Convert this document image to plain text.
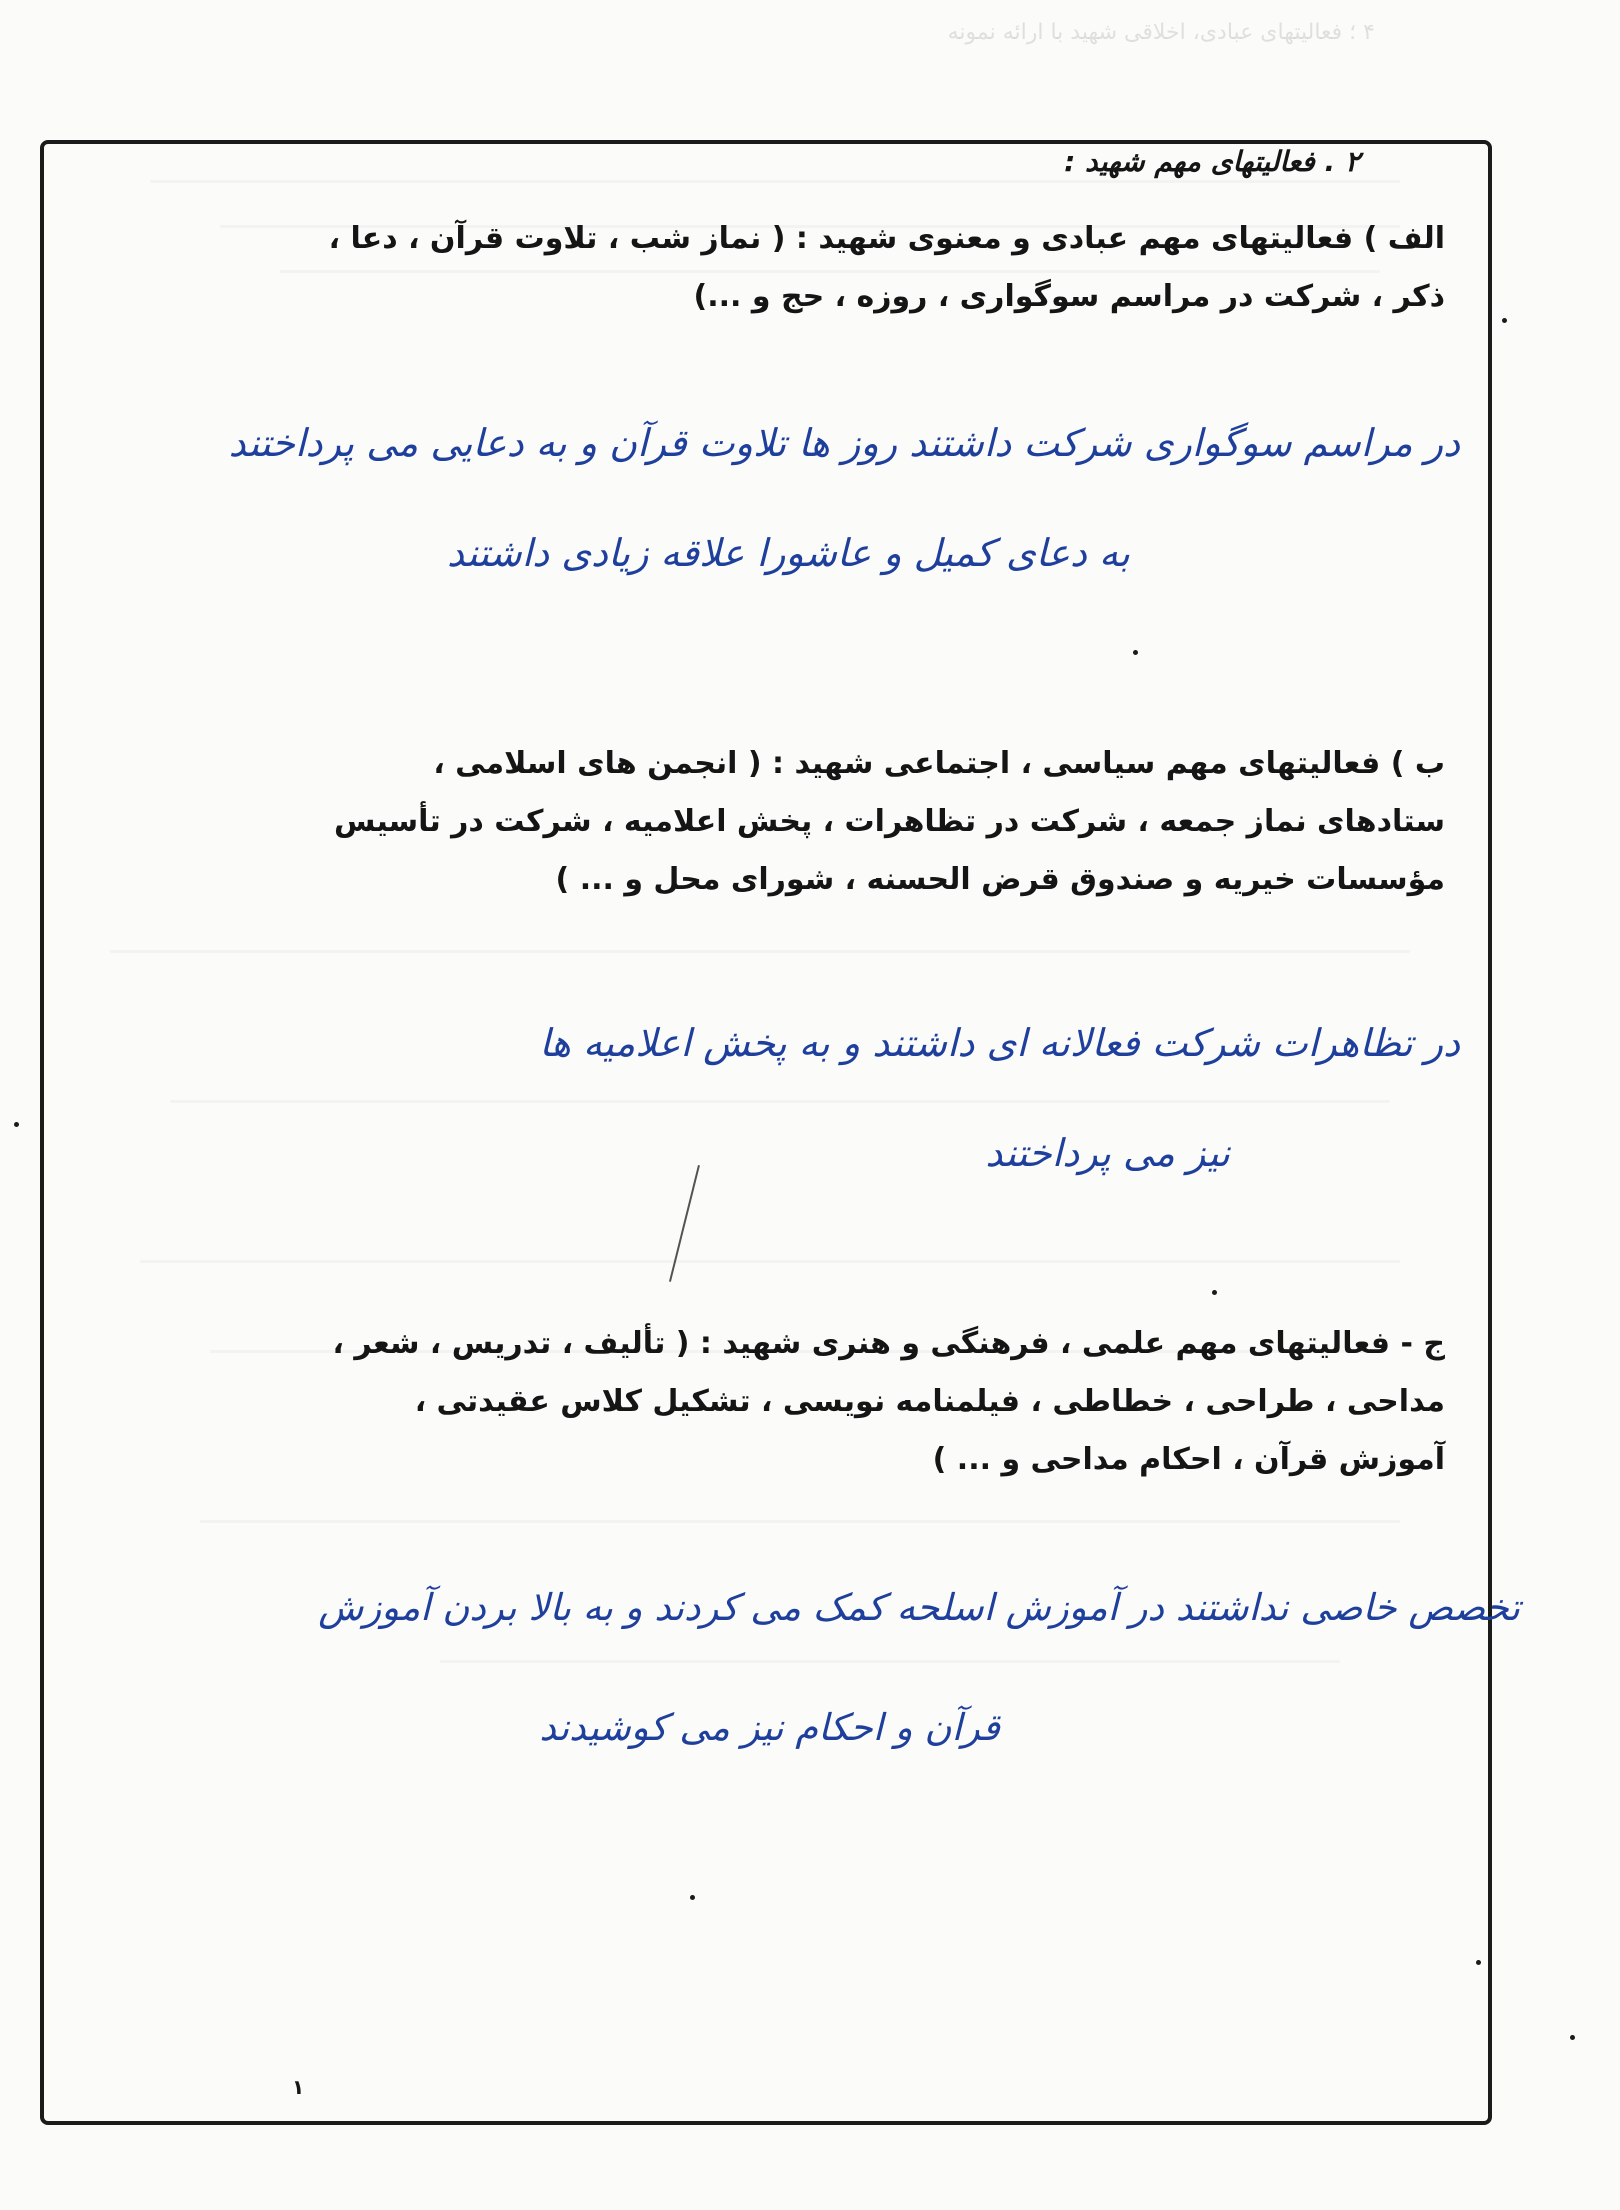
۴ ؛ فعالیتهای عبادی، اخلاقی شهید با ارائه نمونه
۲ . فعالیتهای مهم شهید :
الف ) فعالیتهای مهم عبادی و معنوی شهید : ( نماز شب ، تلاوت قرآن ، دعا ،
ذکر ، شرکت در مراسم سوگواری ، روزه ، حج و ...)
در مراسم سوگواری شرکت داشتند روز ها تلاوت قرآن و به دعایی می پرداختند
به دعای کمیل و عاشورا علاقه زیادی داشتند
ب ) فعالیتهای مهم سیاسی ، اجتماعی شهید : ( انجمن های اسلامی ،
ستادهای نماز جمعه ، شرکت در تظاهرات ، پخش اعلامیه ، شرکت در تأسیس
مؤسسات خیریه و صندوق قرض الحسنه ، شورای محل و ... )
در تظاهرات شرکت فعالانه ای داشتند و به پخش اعلامیه ها
نیز می پرداختند
ج - فعالیتهای مهم علمی ، فرهنگی و هنری شهید : ( تألیف ، تدریس ، شعر ،
مداحی ، طراحی ، خطاطی ، فیلمنامه نویسی ، تشکیل کلاس عقیدتی ،
آموزش قرآن ، احکام مداحی و ... )
تخصص خاصی نداشتند در آموزش اسلحه کمک می کردند و به بالا بردن آموزش
قرآن و احکام نیز می کوشیدند
۱
